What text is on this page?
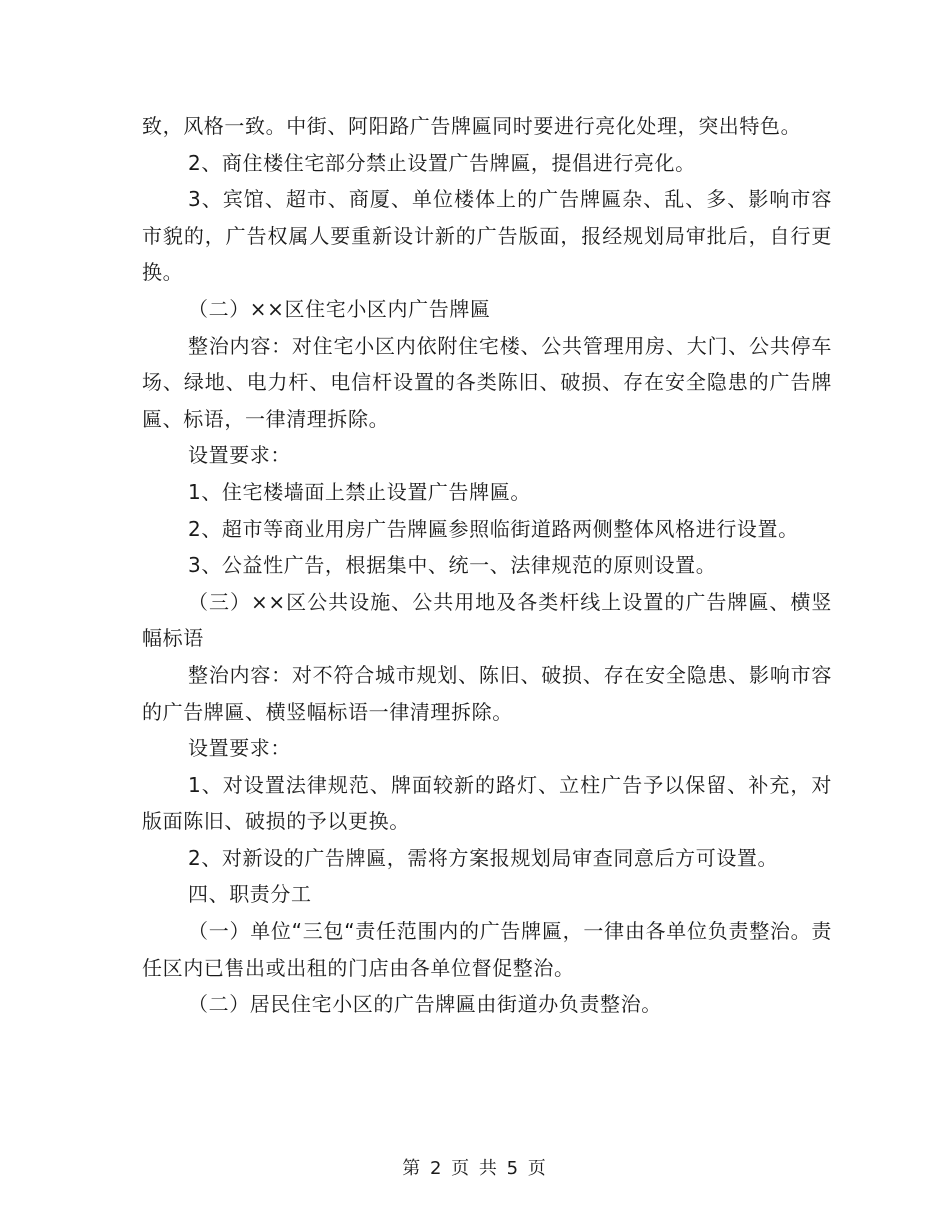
致，风格一致。中街、阿阳路广告牌匾同时要进行亮化处理，突出特色。

2、商住楼住宅部分禁止设置广告牌匾，提倡进行亮化。

3、宾馆、超市、商厦、单位楼体上的广告牌匾杂、乱、多、影响市容市貌的，广告权属人要重新设计新的广告版面，报经规划局审批后，自行更换。

（二）××区住宅小区内广告牌匾

整治内容：对住宅小区内依附住宅楼、公共管理用房、大门、公共停车场、绿地、电力杆、电信杆设置的各类陈旧、破损、存在安全隐患的广告牌匾、标语，一律清理拆除。

设置要求：

1、住宅楼墙面上禁止设置广告牌匾。

2、超市等商业用房广告牌匾参照临街道路两侧整体风格进行设置。

3、公益性广告，根据集中、统一、法律规范的原则设置。

（三）××区公共设施、公共用地及各类杆线上设置的广告牌匾、横竖幅标语

整治内容：对不符合城市规划、陈旧、破损、存在安全隐患、影响市容的广告牌匾、横竖幅标语一律清理拆除。

设置要求：

1、对设置法律规范、牌面较新的路灯、立柱广告予以保留、补充，对版面陈旧、破损的予以更换。

2、对新设的广告牌匾，需将方案报规划局审查同意后方可设置。

四、职责分工

（一）单位“三包“责任范围内的广告牌匾，一律由各单位负责整治。责任区内已售出或出租的门店由各单位督促整治。

（二）居民住宅小区的广告牌匾由街道办负责整治。

第 2 页 共 5 页
